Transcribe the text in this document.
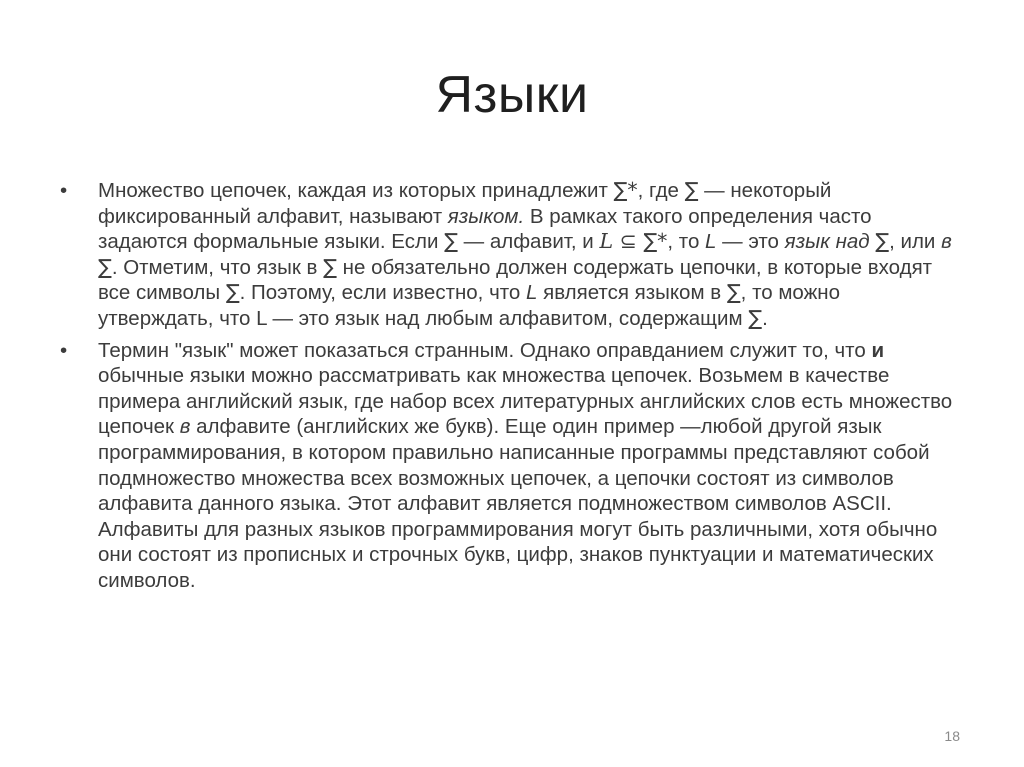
Языки
•	Множество цепочек, каждая из которых принадлежит ∑*, где ∑ — некоторый фиксированный алфавит, называют языком. В рамках такого определения часто задаются формальные языки. Если ∑ — алфавит, и L ⊆ ∑*, то L — это язык над ∑, или в ∑. Отметим, что язык в ∑ не обязательно должен содержать цепочки, в которые входят все символы ∑. Поэтому, если известно, что L является языком в ∑, то можно утверждать, что L — это язык над любым алфавитом, содержащим ∑.
•	Термин "язык" может показаться странным. Однако оправданием служит то, что и обычные языки можно рассматривать как множества цепочек. Возьмем в качестве примера английский язык, где набор всех литературных английских слов есть множество цепочек в алфавите (английских же букв). Еще один пример —любой другой язык программирования, в котором правильно написанные программы представляют собой подмножество множества всех возможных цепочек, а цепочки состоят из символов алфавита данного языка. Этот алфавит является подмножеством символов ASCII. Алфавиты для разных языков программирования могут быть различными, хотя обычно они состоят из прописных и строчных букв, цифр, знаков пунктуации и математических символов.
18
